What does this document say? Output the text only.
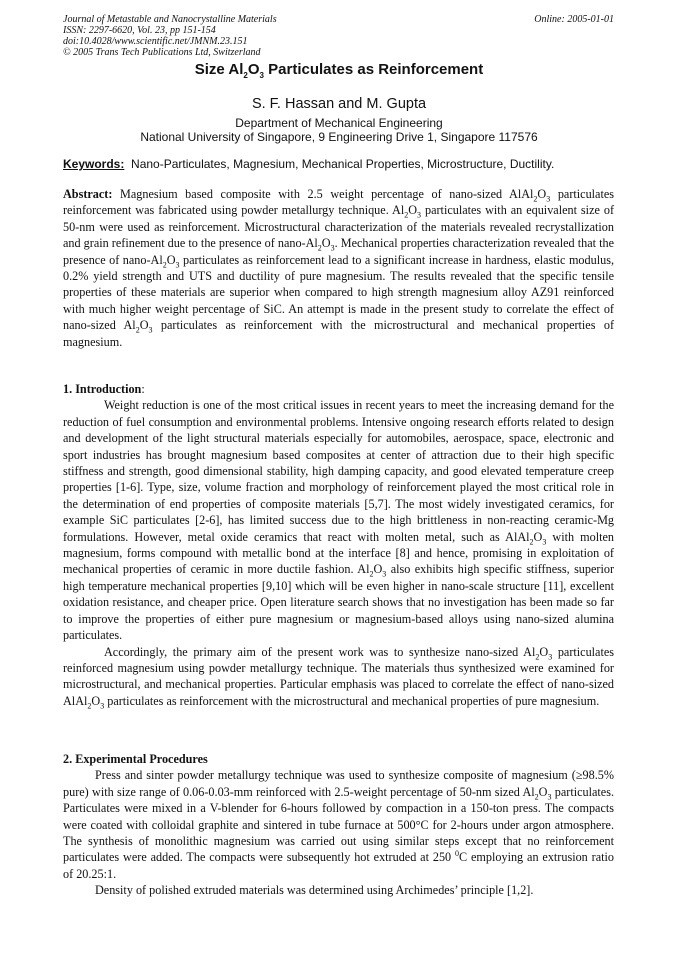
Journal of Metastable and Nanocrystalline Materials
ISSN: 2297-6620, Vol. 23, pp 151-154
doi:10.4028/www.scientific.net/JMNM.23.151
© 2005 Trans Tech Publications Ltd, Switzerland
Online: 2005-01-01
Size $Al_2O_3$ Particulates as Reinforcement
S. F. Hassan and M. Gupta
Department of Mechanical Engineering
National University of Singapore, 9 Engineering Drive 1, Singapore 117576
Keywords: Nano-Particulates, Magnesium, Mechanical Properties, Microstructure, Ductility.

Abstract: Magnesium based composite with 2.5 weight percentage of nano-sized $AlAl_2O_3$ particulates reinforcement was fabricated using powder metallurgy technique. $Al_2O_3$ particulates with an equivalent size of 50-nm were used as reinforcement. Microstructural characterization of the materials revealed recrystallization and grain refinement due to the presence of nano-$Al_2O_3$. Mechanical properties characterization revealed that the presence of nano-$Al_2O_3$ particulates as reinforcement lead to a significant increase in hardness, elastic modulus, 0.2% yield strength and UTS and ductility of pure magnesium. The results revealed that the specific tensile properties of these materials are superior when compared to high strength magnesium alloy AZ91 reinforced with much higher weight percentage of SiC. An attempt is made in the present study to correlate the effect of nano-sized $Al_2O_3$ particulates as reinforcement with the microstructural and mechanical properties of magnesium.

1. Introduction:

Weight reduction is one of the most critical issues in recent years to meet the increasing demand for the reduction of fuel consumption and environmental problems. Intensive ongoing research efforts related to design and development of the light structural materials especially for automobiles, aerospace, space, electronic and sport industries has brought magnesium based composites at center of attraction due to their high specific stiffness and strength, good dimensional stability, high damping capacity, and good elevated temperature creep properties [1-6]. Type, size, volume fraction and morphology of reinforcement played the most critical role in the determination of end properties of composite materials [5,7]. The most widely investigated ceramics, for example SiC particulates [2-6], has limited success due to the high brittleness in non-reacting ceramic-Mg formulations. However, metal oxide ceramics that react with molten metal, such as $AlAl_2O_3$ with molten magnesium, forms compound with metallic bond at the interface [8] and hence, promising in exploitation of mechanical properties of ceramic in more ductile fashion. $Al_2O_3$ also exhibits high specific stiffness, superior high temperature mechanical properties [9,10] which will be even higher in nano-scale structure [11], excellent oxidation resistance, and cheaper price. Open literature search shows that no investigation has been made so far to improve the properties of either pure magnesium or magnesium-based alloys using nano-sized alumina particulates.

Accordingly, the primary aim of the present work was to synthesize nano-sized $Al_2O_3$ particulates reinforced magnesium using powder metallurgy technique. The materials thus synthesized were examined for microstructural, and mechanical properties. Particular emphasis was placed to correlate the effect of nano-sized $AlAl_2O_3$ particulates as reinforcement with the microstructural and mechanical properties of pure magnesium.

2. Experimental Procedures

Press and sinter powder metallurgy technique was used to synthesize composite of magnesium (≥98.5% pure) with size range of 0.06-0.03-mm reinforced with 2.5-weight percentage of 50-nm sized $Al_2O_3$ particulates. Particulates were mixed in a V-blender for 6-hours followed by compaction in a 150-ton press. The compacts were coated with colloidal graphite and sintered in tube furnace at 500°C for 2-hours under argon atmosphere. The synthesis of monolithic magnesium was carried out using similar steps except that no reinforcement particulates were added. The compacts were subsequently hot extruded at 250 $^0$C employing an extrusion ratio of 20.25:1.

Density of polished extruded materials was determined using Archimedes’ principle [1,2].
